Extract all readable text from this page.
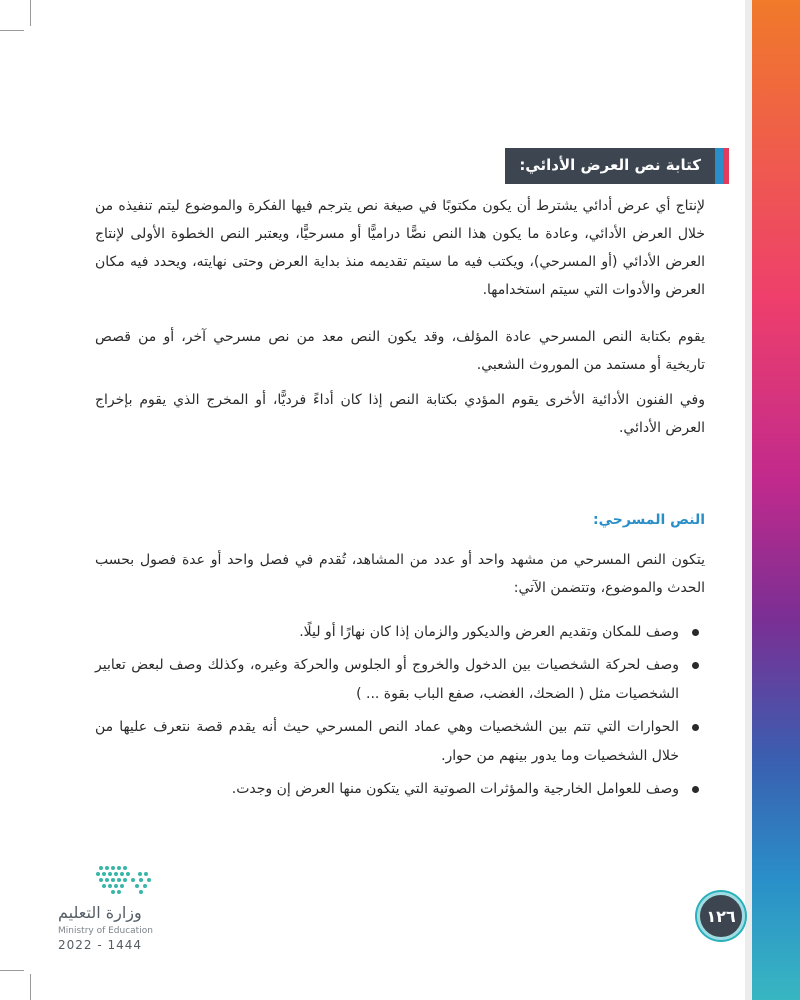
كتابة نص العرض الأدائي:
لإنتاج أي عرض أدائي يشترط أن يكون مكتوبًا في صيغة نص يترجم فيها الفكرة والموضوع ليتم تنفيذه من خلال العرض الأدائي، وعادة ما يكون هذا النص نصًّا دراميًّا أو مسرحيًّا، ويعتبر النص الخطوة الأولى لإنتاج العرض الأدائي (أو المسرحي)، ويكتب فيه ما سيتم تقديمه منذ بداية العرض وحتى نهايته، ويحدد فيه مكان العرض والأدوات التي سيتم استخدامها.
يقوم بكتابة النص المسرحي عادة المؤلف، وقد يكون النص معد من نص مسرحي آخر، أو من قصص تاريخية أو مستمد من الموروث الشعبي.
وفي الفنون الأدائية الأخرى يقوم المؤدي بكتابة النص إذا كان أداءً فرديًّا، أو المخرج الذي يقوم بإخراج العرض الأدائي.
النص المسرحي:
يتكون النص المسرحي من مشهد واحد أو عدد من المشاهد، تُقدم في فصل واحد أو عدة فصول بحسب الحدث والموضوع، وتتضمن الآتي:
وصف للمكان وتقديم العرض والديكور والزمان إذا كان نهارًا أو ليلًا.
وصف لحركة الشخصيات بين الدخول والخروج أو الجلوس والحركة وغيره، وكذلك وصف لبعض تعابير الشخصيات مثل ( الضحك، الغضب، صفع الباب بقوة ... )
الحوارات التي تتم بين الشخصيات وهي عماد النص المسرحي حيث أنه يقدم قصة نتعرف عليها من خلال الشخصيات وما يدور بينهم من حوار.
وصف للعوامل الخارجية والمؤثرات الصوتية التي يتكون منها العرض إن وجدت.
وزارة التعليم
Ministry of Education
2022 - 1444
١٢٦
